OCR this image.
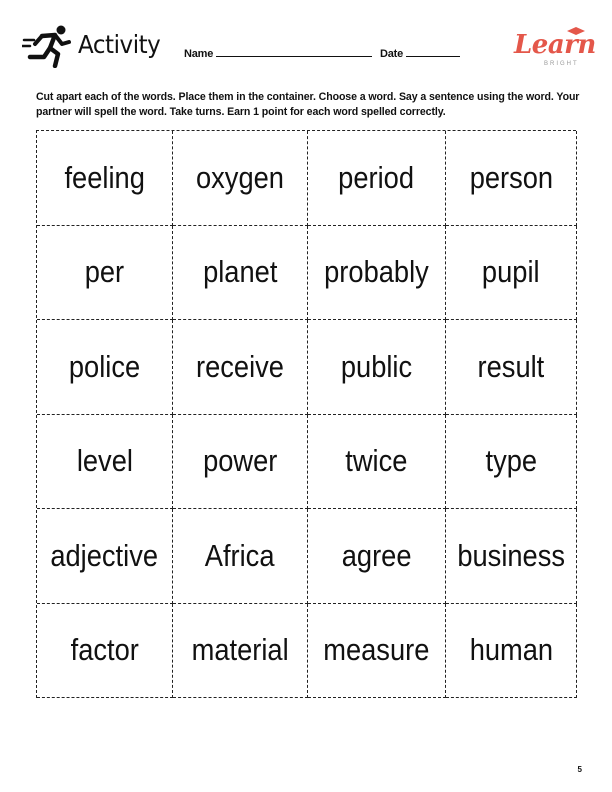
Activity Name	Date	Learn
BRIGHT
Cut apart each of the words. Place them in the container. Choose a word. Say a sentence using the word. Your partner will spell the word. Take turns. Earn 1 point for each word spelled correctly.
feeling oxygen period person
per	planet probably pupil
police receive public result
level power twice	type
adjective Africa agree business
factor material measure human
5
